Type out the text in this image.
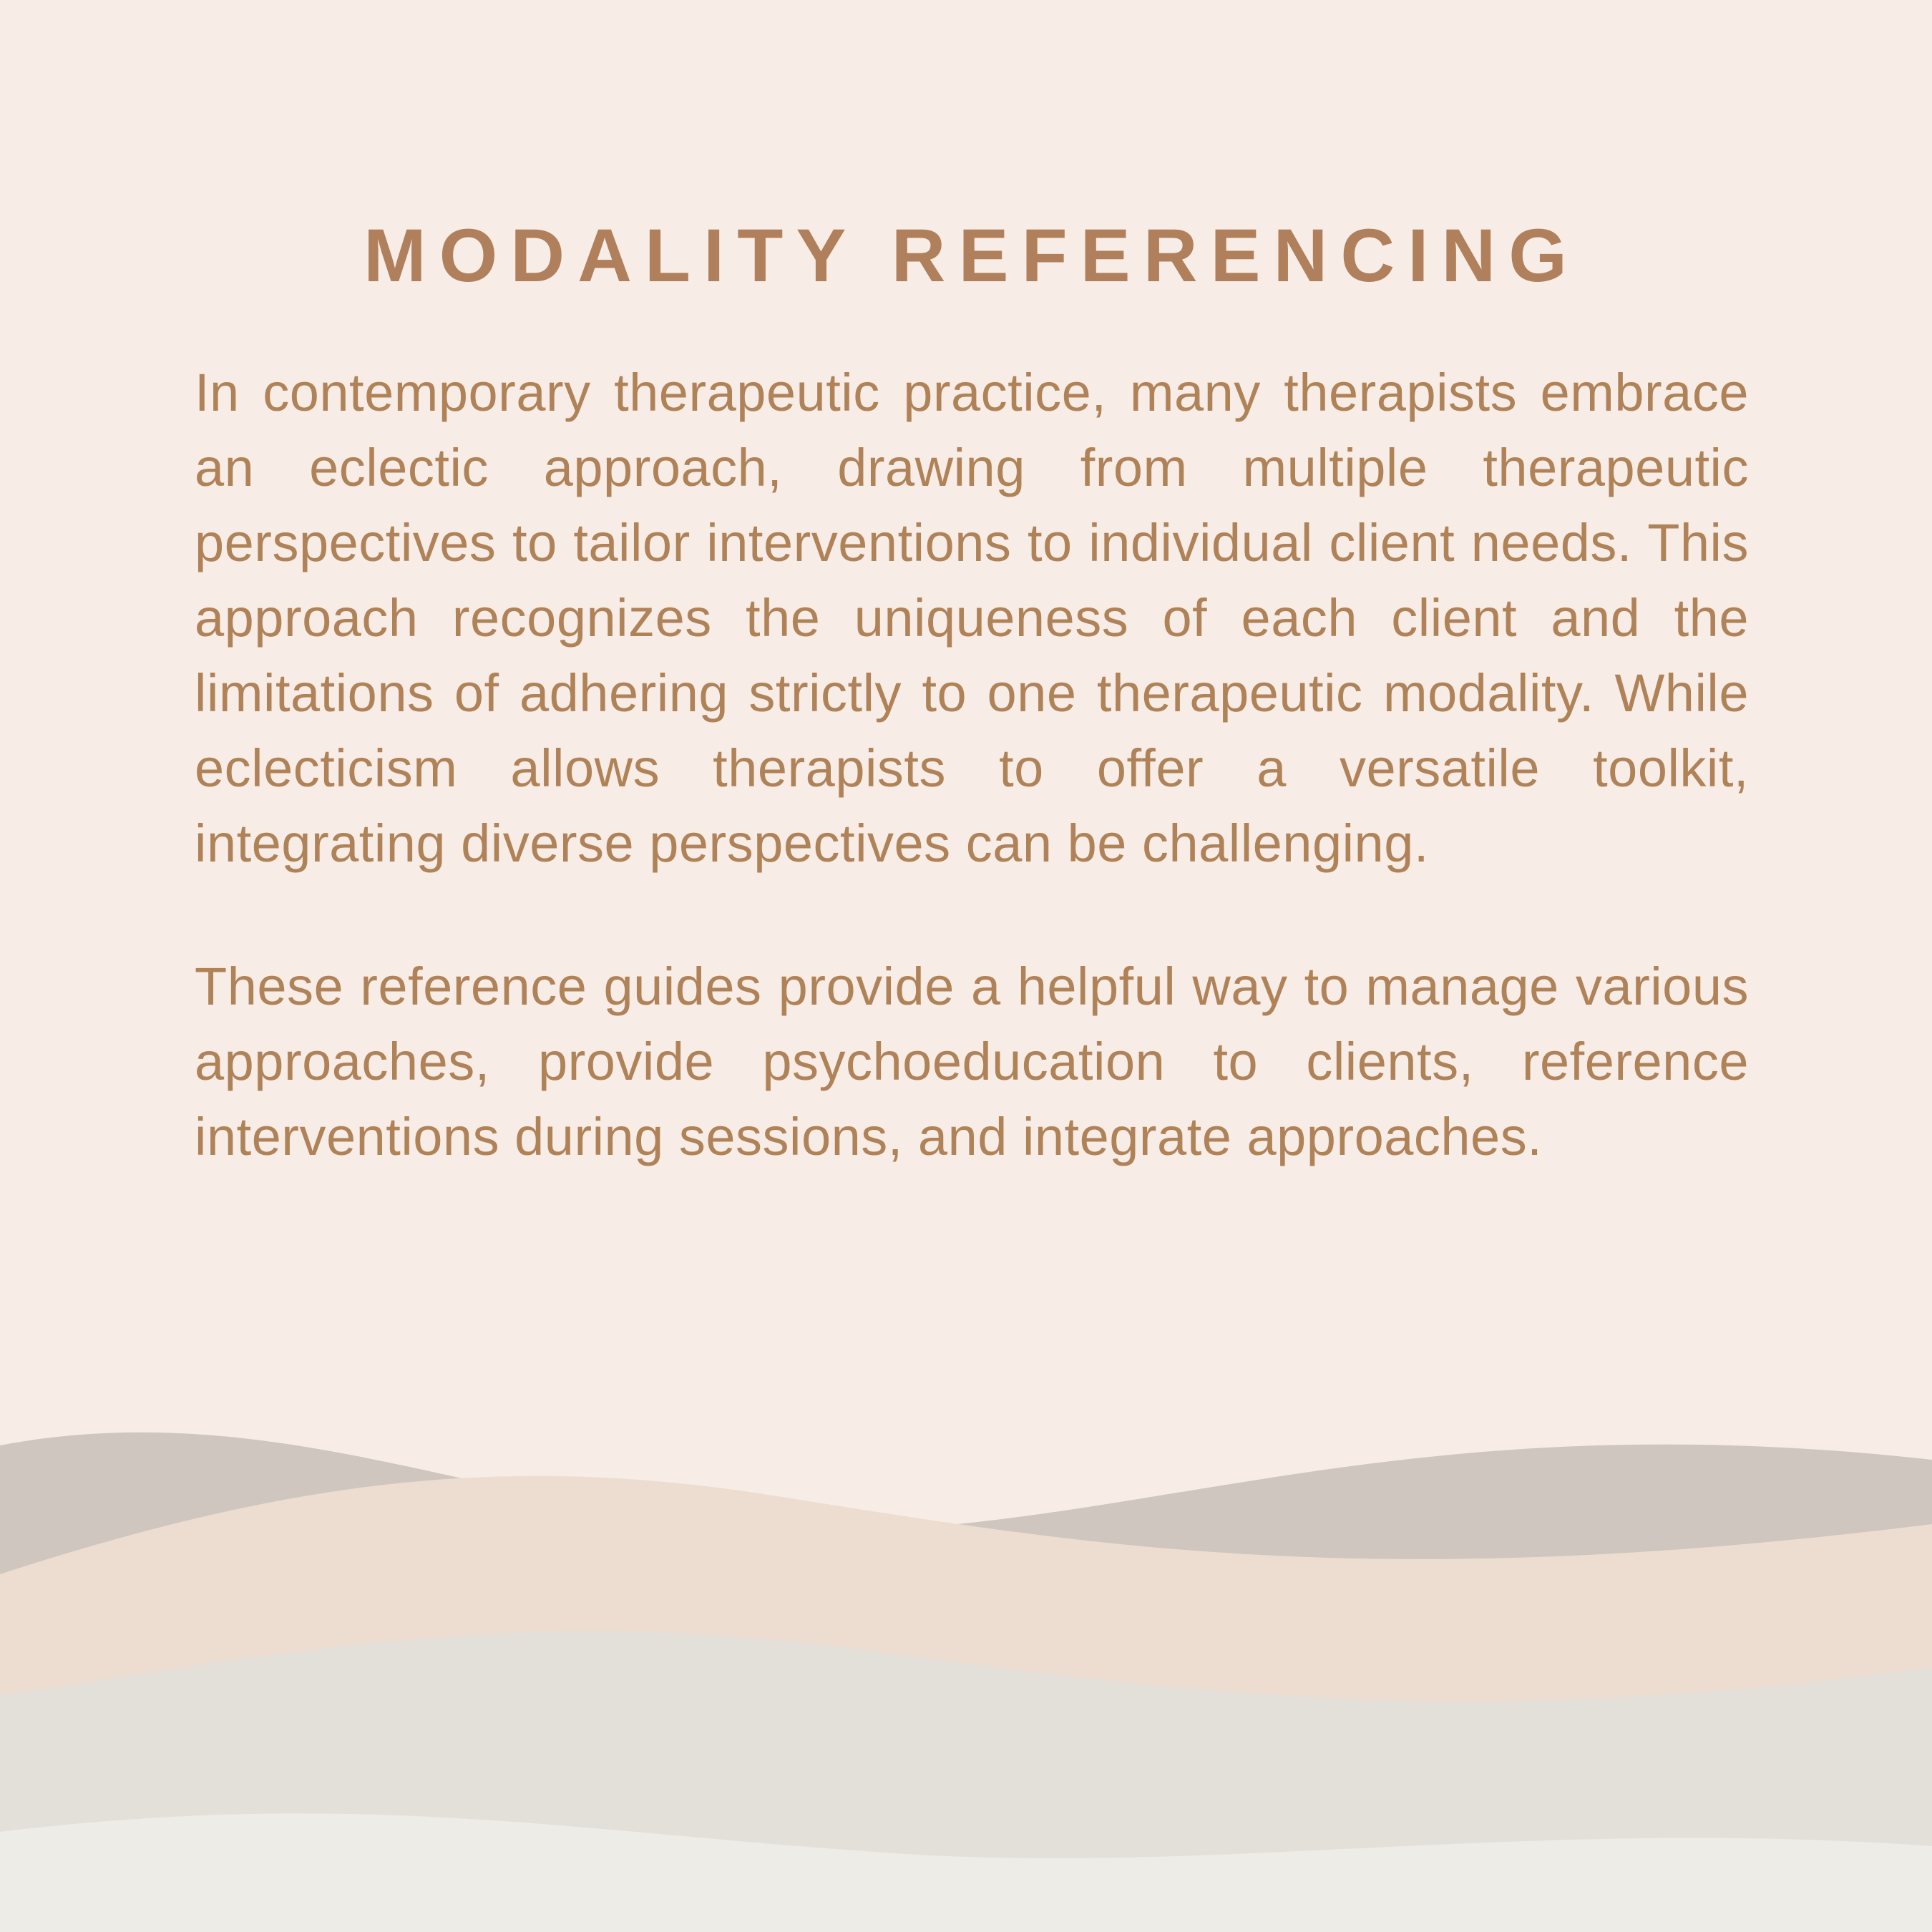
MODALITY REFERENCING

In contemporary therapeutic practice, many therapists embrace an eclectic approach, drawing from multiple therapeutic perspectives to tailor interventions to individual client needs. This approach recognizes the uniqueness of each client and the limitations of adhering strictly to one therapeutic modality. While eclecticism allows therapists to offer a versatile toolkit, integrating diverse perspectives can be challenging.

These reference guides provide a helpful way to manage various approaches, provide psychoeducation to clients, reference interventions during sessions, and integrate approaches.
